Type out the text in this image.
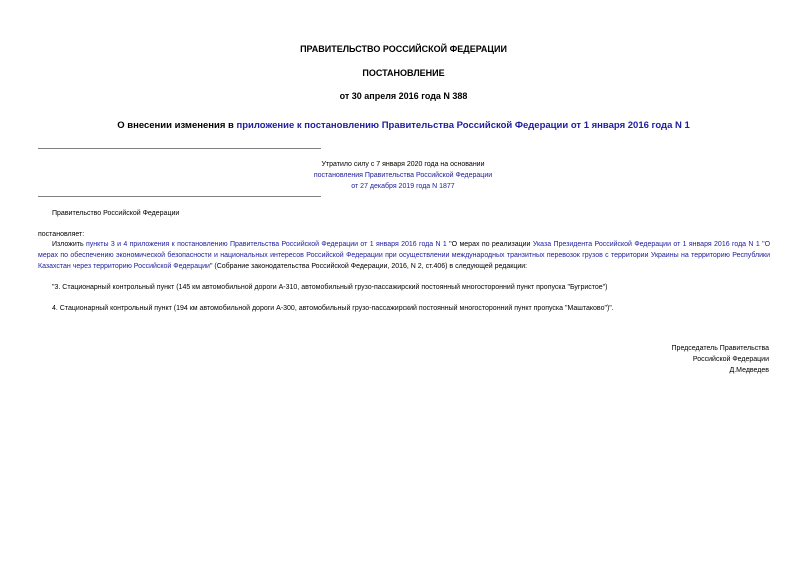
ПРАВИТЕЛЬСТВО РОССИЙСКОЙ ФЕДЕРАЦИИ
ПОСТАНОВЛЕНИЕ
от 30 апреля 2016 года N 388
О внесении изменения в приложение к постановлению Правительства Российской Федерации от 1 января 2016 года N 1
Утратило силу с 7 января 2020 года на основании
постановления Правительства Российской Федерации
от 27 декабря 2019 года N 1877
Правительство Российской Федерации
постановляет:
Изложить пункты 3 и 4 приложения к постановлению Правительства Российской Федерации от 1 января 2016 года N 1 "О мерах по реализации Указа Президента Российской Федерации от 1 января 2016 года N 1 "О мерах по обеспечению экономической безопасности и национальных интересов Российской Федерации при осуществлении международных транзитных перевозок грузов с территории Украины на территорию Республики Казахстан через территорию Российской Федерации" (Собрание законодательства Российской Федерации, 2016, N 2, ст.406) в следующей редакции:
"3. Стационарный контрольный пункт (145 км автомобильной дороги А-310, автомобильный грузо-пассажирский постоянный многосторонний пункт пропуска "Бугристое")
4. Стационарный контрольный пункт (194 км автомобильной дороги А-300, автомобильный грузо-пассажирский постоянный многосторонний пункт пропуска "Маштаково")".
Председатель Правительства
Российской Федерации
Д.Медведев
